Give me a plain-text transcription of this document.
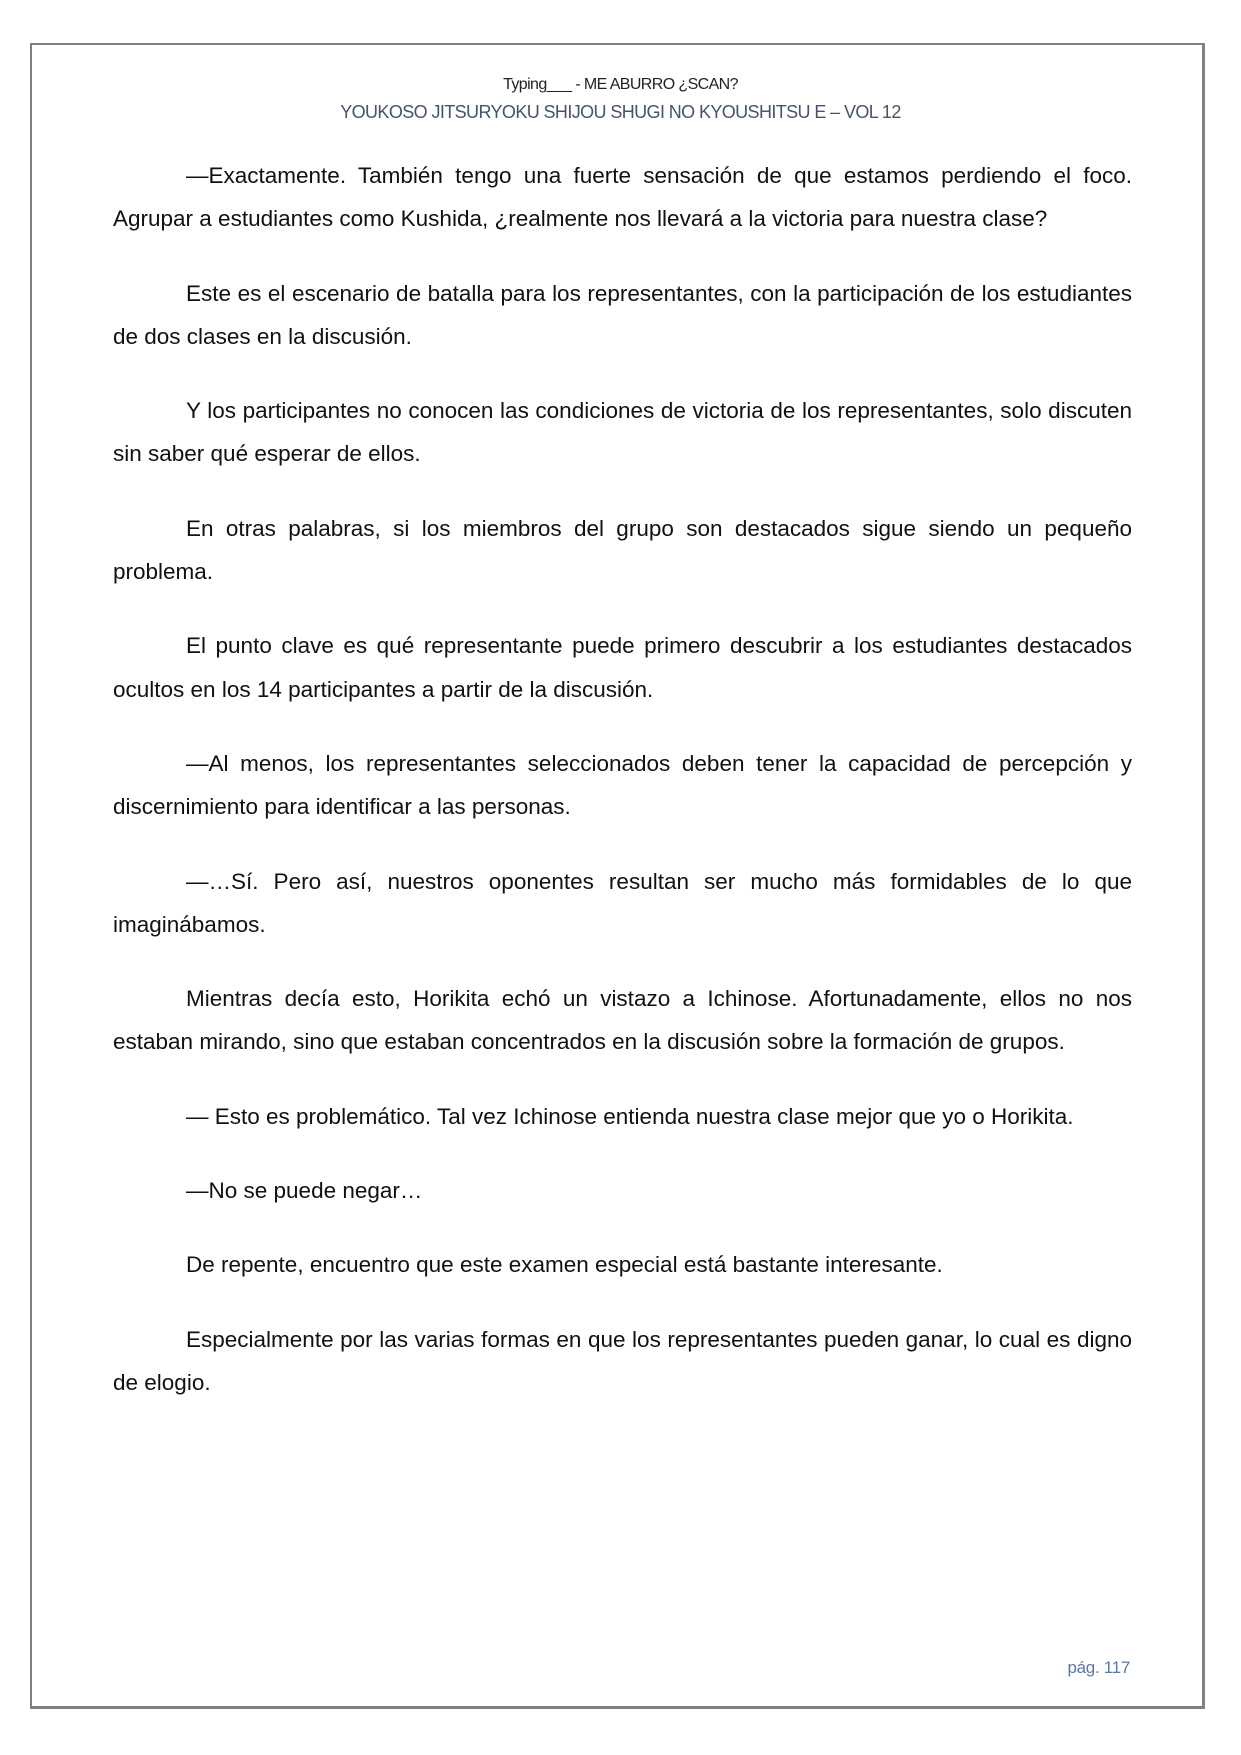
Typing___ - ME ABURRO ¿SCAN?
YOUKOSO JITSURYOKU SHIJOU SHUGI NO KYOUSHITSU E – VOL 12

—Exactamente. También tengo una fuerte sensación de que estamos perdiendo el foco. Agrupar a estudiantes como Kushida, ¿realmente nos llevará a la victoria para nuestra clase?

Este es el escenario de batalla para los representantes, con la participación de los estudiantes de dos clases en la discusión.

Y los participantes no conocen las condiciones de victoria de los representantes, solo discuten sin saber qué esperar de ellos.

En otras palabras, si los miembros del grupo son destacados sigue siendo un pequeño problema.

El punto clave es qué representante puede primero descubrir a los estudiantes destacados ocultos en los 14 participantes a partir de la discusión.

—Al menos, los representantes seleccionados deben tener la capacidad de percepción y discernimiento para identificar a las personas.

—…Sí. Pero así, nuestros oponentes resultan ser mucho más formidables de lo que imaginábamos.

Mientras decía esto, Horikita echó un vistazo a Ichinose. Afortunadamente, ellos no nos estaban mirando, sino que estaban concentrados en la discusión sobre la formación de grupos.

— Esto es problemático. Tal vez Ichinose entienda nuestra clase mejor que yo o Horikita.

—No se puede negar…

De repente, encuentro que este examen especial está bastante interesante.

Especialmente por las varias formas en que los representantes pueden ganar, lo cual es digno de elogio.

pág. 117
